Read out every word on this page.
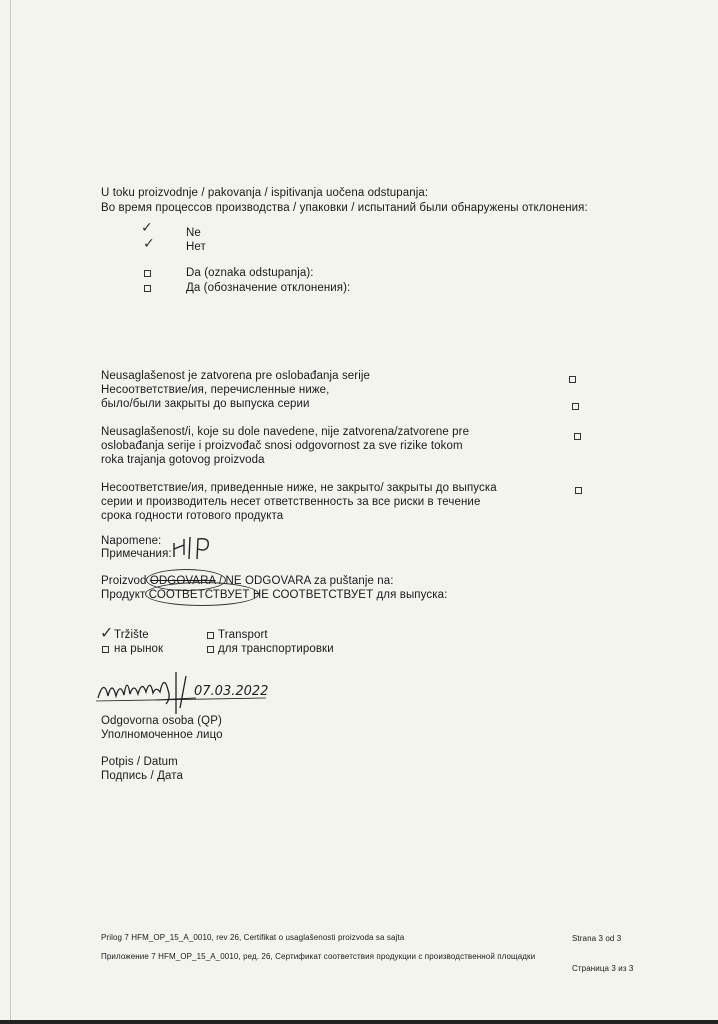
U toku proizvodnje / pakovanja / ispitivanja uočena odstupanja:
Во время процессов производства / упаковки / испытаний были обнаружены отклонения:
✓
✓
Ne
Нет
Da (oznaka odstupanja):
Да (обозначение отклонения):
Neusaglašenost je zatvorena pre oslobađanja serije
Несоответствие/ия, перечисленные ниже,
было/были закрыты до выпуска серии
Neusaglašenost/i, koje su dole navedene, nije zatvorena/zatvorene pre
oslobađanja serije i proizvođač snosi odgovornost za sve rizike tokom
roka trajanja gotovog proizvoda
Несоответствие/ия, приведенные ниже, не закрыто/ закрыты до выпуска
серии и производитель несет ответственность за все риски в течение
срока годности готового продукта
Napomene:
Примечания:
Proizvod ODGOVARA / NE ODGOVARA za puštanje na:
Продукт СООТВЕТСТВУЕТ НЕ СООТВЕТСТВУЕТ для выпуска:
✓ Tržište
на рынок
Transport
для транспортировки
07.03.2022
Odgovorna osoba (QP)
Уполномоченное лицо
Potpis / Datum
Подпись / Дата
Prilog 7 HFM_OP_15_A_0010, rev 26, Certifikat o usaglašenosti proizvoda sa sajta	Strana 3 od 3
Приложение 7 HFM_OP_15_A_0010, ред. 26, Сертификат соответствия продукции с производственной площадки
Страница 3 из 3
